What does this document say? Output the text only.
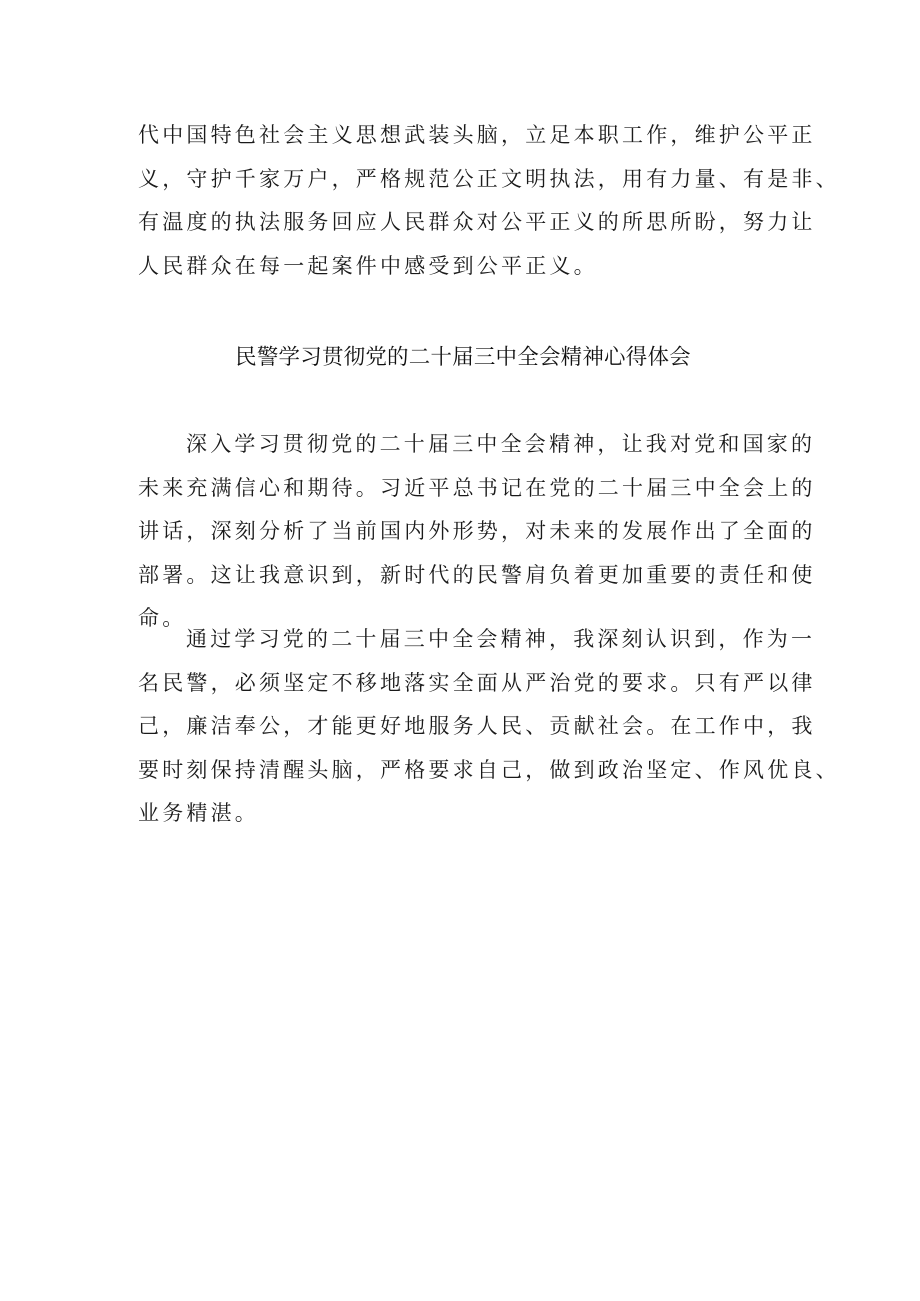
代中国特色社会主义思想武装头脑，立足本职工作，维护公平正
义，守护千家万户，严格规范公正文明执法，用有力量、有是非、
有温度的执法服务回应人民群众对公平正义的所思所盼，努力让
人民群众在每一起案件中感受到公平正义。
民警学习贯彻党的二十届三中全会精神心得体会
深入学习贯彻党的二十届三中全会精神，让我对党和国家的
未来充满信心和期待。习近平总书记在党的二十届三中全会上的
讲话，深刻分析了当前国内外形势，对未来的发展作出了全面的
部署。这让我意识到，新时代的民警肩负着更加重要的责任和使
命。
通过学习党的二十届三中全会精神，我深刻认识到，作为一
名民警，必须坚定不移地落实全面从严治党的要求。只有严以律
己，廉洁奉公，才能更好地服务人民、贡献社会。在工作中，我
要时刻保持清醒头脑，严格要求自己，做到政治坚定、作风优良、
业务精湛。
